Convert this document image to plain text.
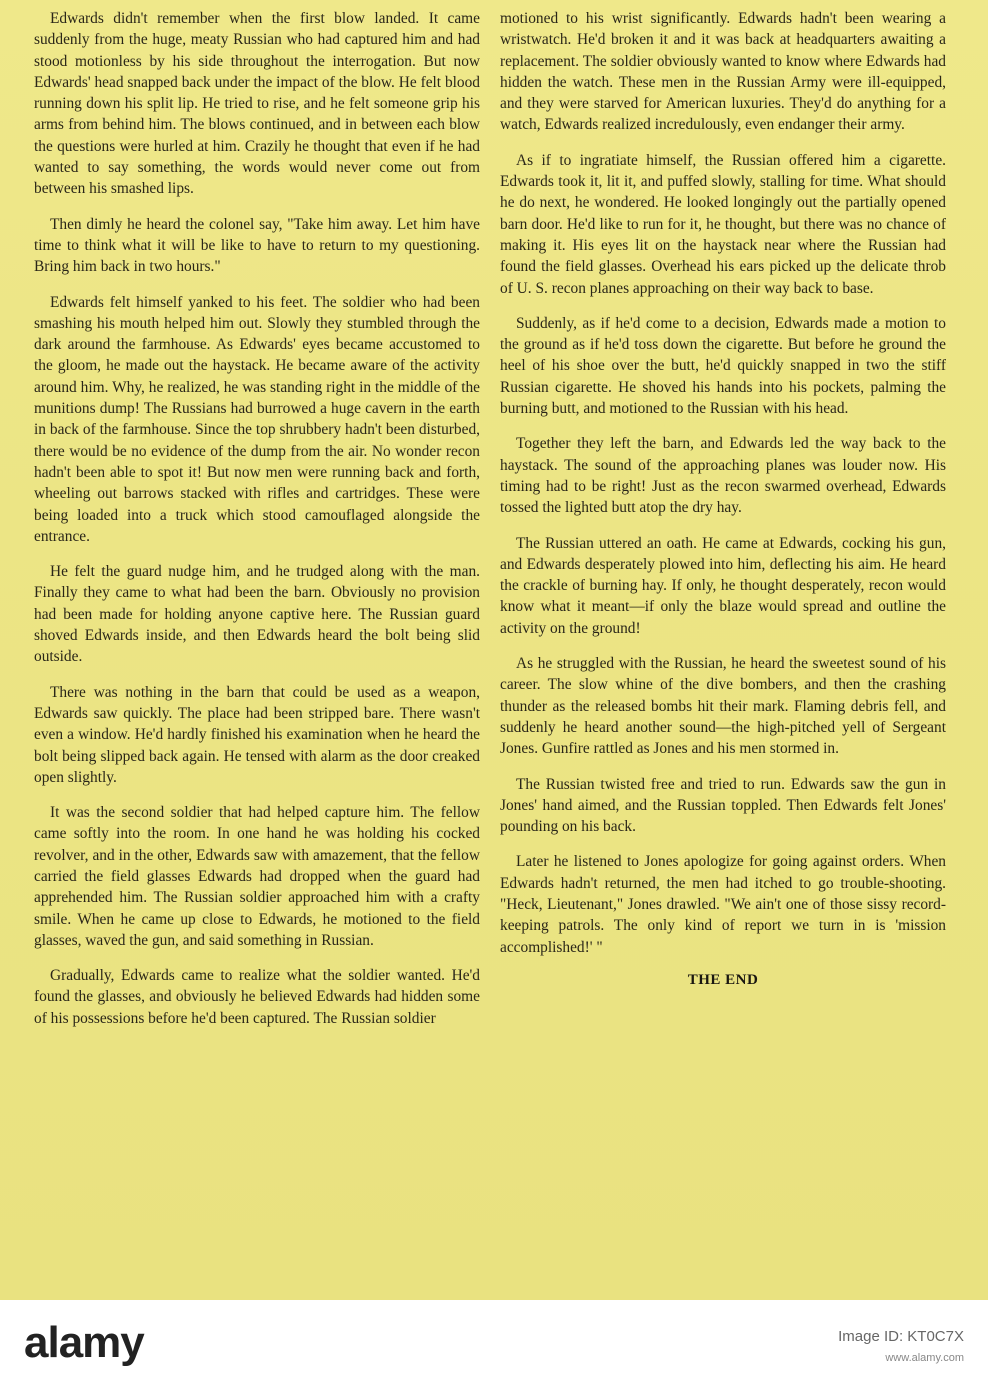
Edwards didn't remember when the first blow landed. It came suddenly from the huge, meaty Russian who had captured him and had stood motionless by his side throughout the interrogation. But now Edwards' head snapped back under the impact of the blow. He felt blood running down his split lip. He tried to rise, and he felt someone grip his arms from behind him. The blows continued, and in between each blow the questions were hurled at him. Crazily he thought that even if he had wanted to say something, the words would never come out from between his smashed lips.

Then dimly he heard the colonel say, "Take him away. Let him have time to think what it will be like to have to return to my questioning. Bring him back in two hours."

Edwards felt himself yanked to his feet. The soldier who had been smashing his mouth helped him out. Slowly they stumbled through the dark around the farmhouse. As Edwards' eyes became accustomed to the gloom, he made out the haystack. He became aware of the activity around him. Why, he realized, he was standing right in the middle of the munitions dump! The Russians had burrowed a huge cavern in the earth in back of the farmhouse. Since the top shrubbery hadn't been disturbed, there would be no evidence of the dump from the air. No wonder recon hadn't been able to spot it! But now men were running back and forth, wheeling out barrows stacked with rifles and cartridges. These were being loaded into a truck which stood camouflaged alongside the entrance.

He felt the guard nudge him, and he trudged along with the man. Finally they came to what had been the barn. Obviously no provision had been made for holding anyone captive here. The Russian guard shoved Edwards inside, and then Edwards heard the bolt being slid outside.

There was nothing in the barn that could be used as a weapon, Edwards saw quickly. The place had been stripped bare. There wasn't even a window. He'd hardly finished his examination when he heard the bolt being slipped back again. He tensed with alarm as the door creaked open slightly.

It was the second soldier that had helped capture him. The fellow came softly into the room. In one hand he was holding his cocked revolver, and in the other, Edwards saw with amazement, that the fellow carried the field glasses Edwards had dropped when the guard had apprehended him. The Russian soldier approached him with a crafty smile. When he came up close to Edwards, he motioned to the field glasses, waved the gun, and said something in Russian.

Gradually, Edwards came to realize what the soldier wanted. He'd found the glasses, and obviously he believed Edwards had hidden some of his possessions before he'd been captured. The Russian soldier

motioned to his wrist significantly. Edwards hadn't been wearing a wristwatch. He'd broken it and it was back at headquarters awaiting a replacement. The soldier obviously wanted to know where Edwards had hidden the watch. These men in the Russian Army were ill-equipped, and they were starved for American luxuries. They'd do anything for a watch, Edwards realized incredulously, even endanger their army.

As if to ingratiate himself, the Russian offered him a cigarette. Edwards took it, lit it, and puffed slowly, stalling for time. What should he do next, he wondered. He looked longingly out the partially opened barn door. He'd like to run for it, he thought, but there was no chance of making it. His eyes lit on the haystack near where the Russian had found the field glasses. Overhead his ears picked up the delicate throb of U. S. recon planes approaching on their way back to base.

Suddenly, as if he'd come to a decision, Edwards made a motion to the ground as if he'd toss down the cigarette. But before he ground the heel of his shoe over the butt, he'd quickly snapped in two the stiff Russian cigarette. He shoved his hands into his pockets, palming the burning butt, and motioned to the Russian with his head.

Together they left the barn, and Edwards led the way back to the haystack. The sound of the approaching planes was louder now. His timing had to be right! Just as the recon swarmed overhead, Edwards tossed the lighted butt atop the dry hay.

The Russian uttered an oath. He came at Edwards, cocking his gun, and Edwards desperately plowed into him, deflecting his aim. He heard the crackle of burning hay. If only, he thought desperately, recon would know what it meant—if only the blaze would spread and outline the activity on the ground!

As he struggled with the Russian, he heard the sweetest sound of his career. The slow whine of the dive bombers, and then the crashing thunder as the released bombs hit their mark. Flaming debris fell, and suddenly he heard another sound—the high-pitched yell of Sergeant Jones. Gunfire rattled as Jones and his men stormed in.

The Russian twisted free and tried to run. Edwards saw the gun in Jones' hand aimed, and the Russian toppled. Then Edwards felt Jones' pounding on his back.

Later he listened to Jones apologize for going against orders. When Edwards hadn't returned, the men had itched to go trouble-shooting. "Heck, Lieutenant," Jones drawled. "We ain't one of those sissy record-keeping patrols. The only kind of report we turn in is 'mission accomplished!' "

THE END
alamy	Image ID: KT0C7X
www.alamy.com
